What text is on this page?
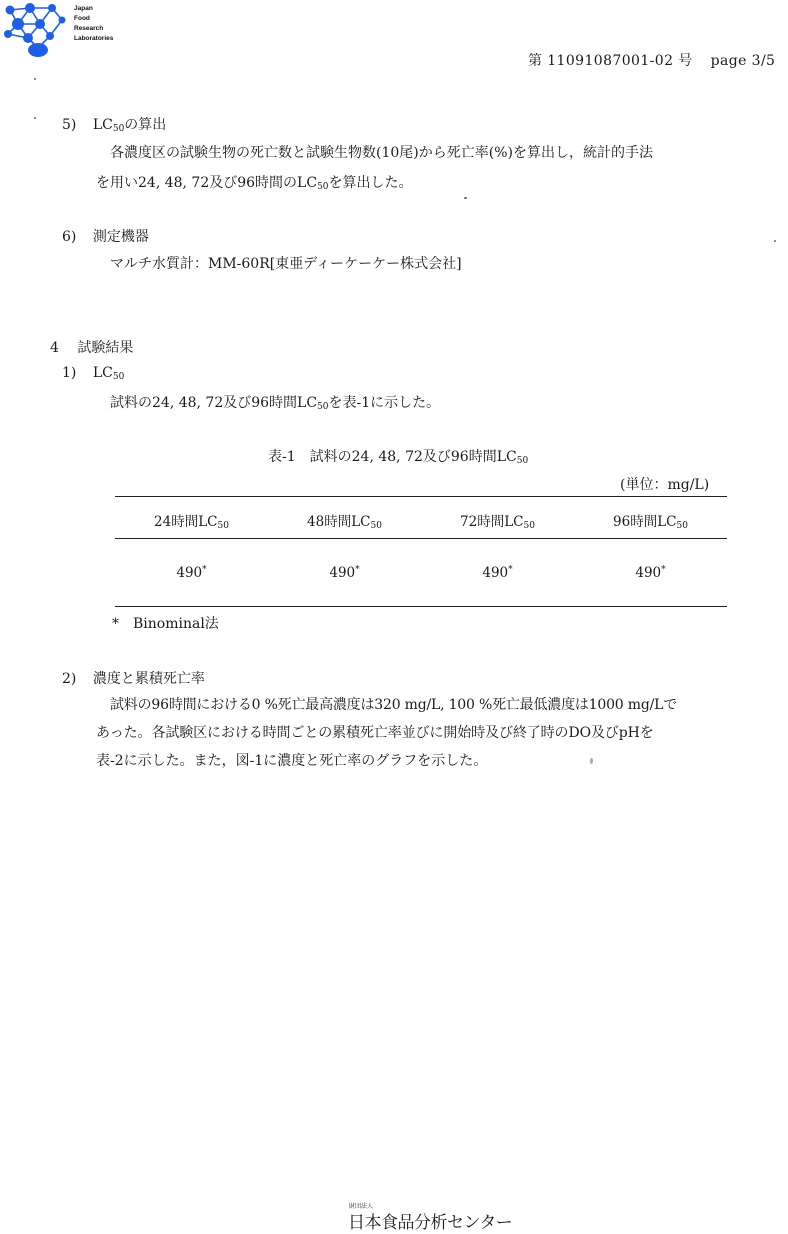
Japan
Food
Research
Laboratories
第 11091087001-02 号 page 3/5
5) $LC_{50}$の算出
各濃度区の試験生物の死亡数と試験生物数(10尾)から死亡率(%)を算出し，統計的手法
を用い24, 48, 72及び96時間の$LC_{50}$を算出した。
6) 測定機器
マルチ水質計：MM-60R[東亜ディーケーケー株式会社]
4 試験結果
1) $LC_{50}$
試料の24, 48, 72及び96時間$LC_{50}$を表-1に示した。
表-1　試料の24, 48, 72及び96時間$LC_{50}$
(単位：mg/L)
24時間$LC_{50}$	48時間$LC_{50}$	72時間$LC_{50}$	96時間$LC_{50}$
490*	490*	490*	490*
*　Binominal法
2) 濃度と累積死亡率
試料の96時間における0 %死亡最高濃度は320 mg/L, 100 %死亡最低濃度は1000 mg/Lで
あった。各試験区における時間ごとの累積死亡率並びに開始時及び終了時のDO及びpHを
表-2に示した。また，図-1に濃度と死亡率のグラフを示した。
財団法人
日本食品分析センター
